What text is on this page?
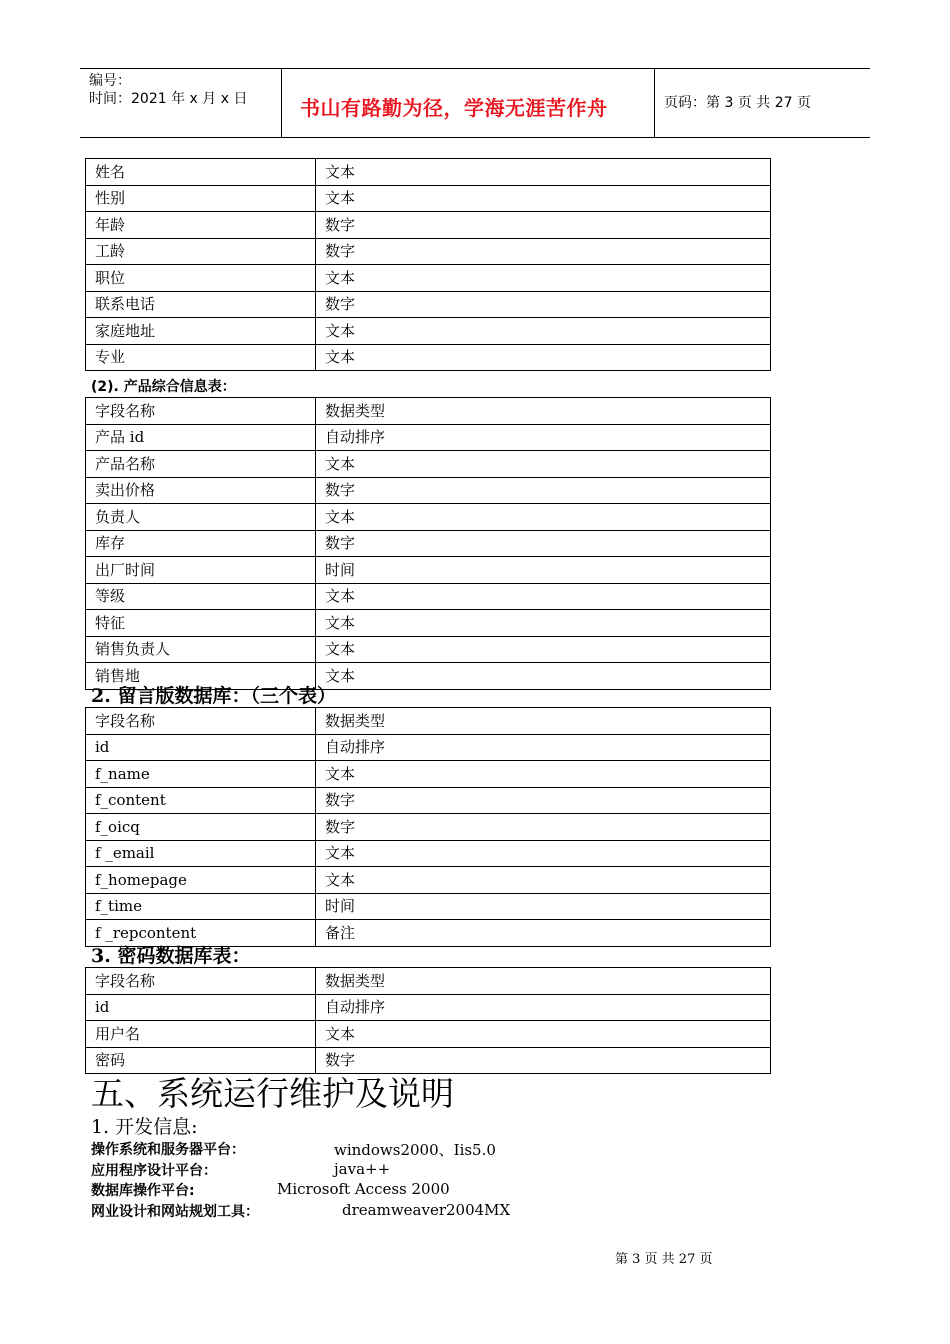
编号：
时间：2021 年 x 月 x 日	书山有路勤为径，学海无涯苦作舟	页码：第 3 页 共 27 页
姓名	文本
性别	文本
年龄	数字
工龄	数字
职位	文本
联系电话	数字
家庭地址	文本
专业	文本
(2). 产品综合信息表：
字段名称	数据类型
产品 id	自动排序
产品名称	文本
卖出价格	数字
负责人	文本
库存	数字
出厂时间	时间
等级	文本
特征	文本
销售负责人	文本
销售地	文本
2. 留言版数据库：（三个表）
字段名称	数据类型
id	自动排序
f_name	文本
f_content	数字
f_oicq	数字
f _email	文本
f_homepage	文本
f_time	时间
f _repcontent	备注
3. 密码数据库表：
字段名称	数据类型
id	自动排序
用户名	文本
密码	数字
五、系统运行维护及说明
1. 开发信息:
操作系统和服务器平台：	windows2000、Iis5.0
应用程序设计平台：	java++
数据库操作平台:	Microsoft Access 2000
网业设计和网站规划工具：	dreamweaver2004MX
第 3 页 共 27 页
